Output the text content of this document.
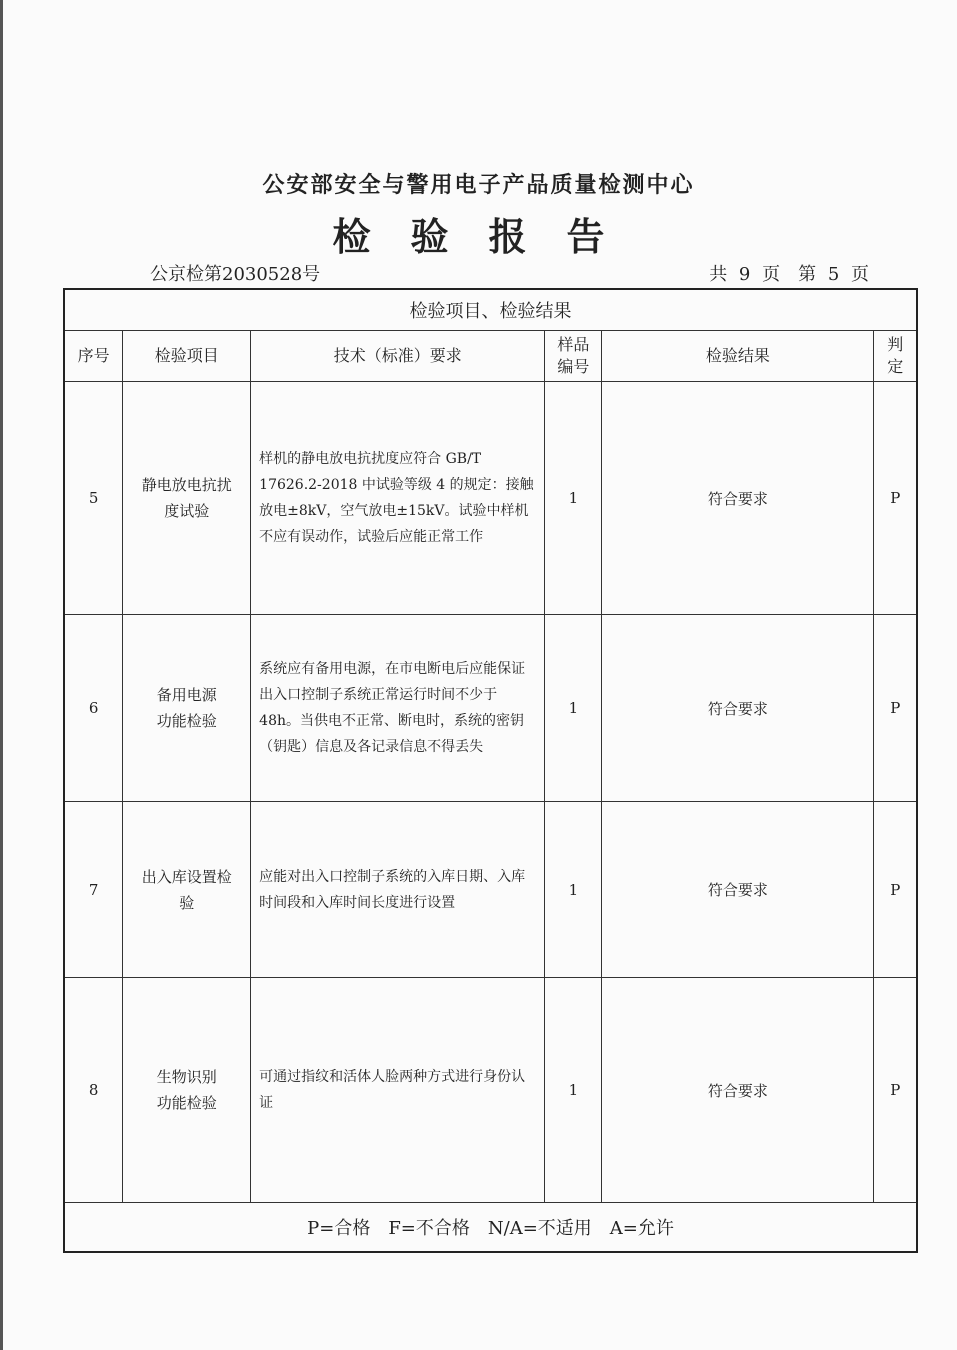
公安部安全与警用电子产品质量检测中心
检验报告
公京检第2030528号	共 9 页　第 5 页
检验项目、检验结果					
序号	检验项目	技术（标准）要求	样品编号	检验结果	判定
5	静电放电抗扰度试验	样机的静电放电抗扰度应符合 GB/T 17626.2-2018 中试验等级 4 的规定：接触放电±8kV，空气放电±15kV。试验中样机不应有误动作，试验后应能正常工作	1	符合要求	P
6	备用电源功能检验	系统应有备用电源，在市电断电后应能保证出入口控制子系统正常运行时间不少于 48h。当供电不正常、断电时，系统的密钥（钥匙）信息及各记录信息不得丢失	1	符合要求	P
7	出入库设置检验	应能对出入口控制子系统的入库日期、入库时间段和入库时间长度进行设置	1	符合要求	P
8	生物识别功能检验	可通过指纹和活体人脸两种方式进行身份认证	1	符合要求	P
P=合格　F=不合格　N/A=不适用　A=允许					
